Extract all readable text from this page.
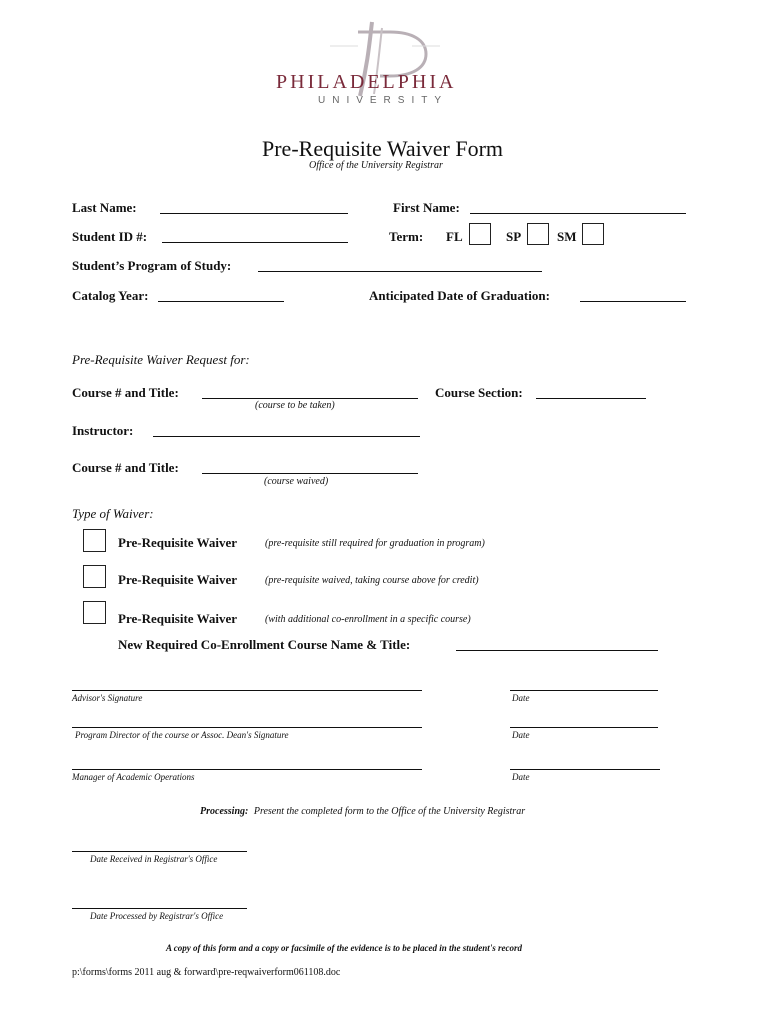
PHILADELPHIA
UNIVERSITY
Pre-Requisite Waiver Form
Office of the University Registrar
Last Name:	First Name:
Student ID #:	Term: FL	SP	SM
Student’s Program of Study:
Catalog Year:	Anticipated Date of Graduation:
Pre-Requisite Waiver Request for:
Course # and Title:
(course to be taken)
Course Section:
Instructor:
Course # and Title:
(course waived)
Type of Waiver:
Pre-Requisite Waiver	(pre-requisite still required for graduation in program)
Pre-Requisite Waiver	(pre-requisite waived, taking course above for credit)
Pre-Requisite Waiver	(with additional co-enrollment in a specific course)
New Required Co-Enrollment Course Name & Title:
Advisor's Signature	Date
Program Director of the course or Assoc. Dean's Signature	Date
Manager of Academic Operations	Date
Processing: Present the completed form to the Office of the University Registrar
Date Received in Registrar's Office
Date Processed by Registrar's Office
A copy of this form and a copy or facsimile of the evidence is to be placed in the student's record
p:\forms\forms 2011 aug & forward\pre-reqwaiverform061108.doc
